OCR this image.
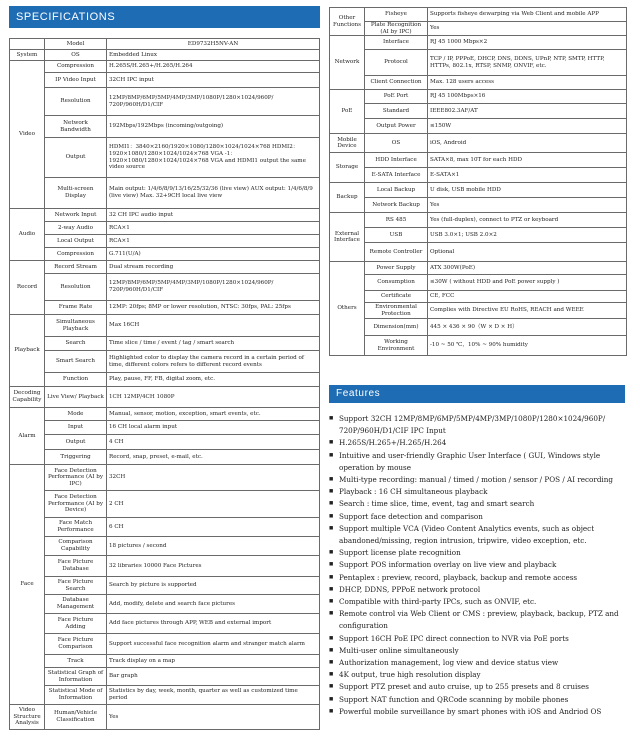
SPECIFICATIONS
	Model	ED9732H5NV-AN
System	OS	Embedded Linux
Video	Compression	H.265S/H.265+/H.265/H.264
	IP Video Input	32CH IPC input
	Resolution	12MP/8MP/6MP/5MP/4MP/3MP/1080P/1280×1024/960P/ 720P/960H/D1/CIF
	Network Bandwidth	192Mbps/192Mbps (incoming/outgoing)
	Output	HDMI1：3840×2160/1920×1080/1280×1024/1024×768 HDMI2：1920×1080/1280×1024/1024×768 VGA -1：1920×1080/1280×1024/1024×768 VGA and HDMI1 output the same video source
	Multi-screen Display	Main output: 1/4/6/8/9/13/16/25/32/36 (live view) AUX output: 1/4/6/8/9 (live view) Max. 32+9CH local live view
Audio	Network Input	32 CH IPC audio input
	2-way Audio	RCA×1
	Local Output	RCA×1
	Compression	G.711(U/A)
Record	Record Stream	Dual stream recording
	Resolution	12MP/8MP/6MP/5MP/4MP/3MP/1080P/1280×1024/960P/ 720P/960H/D1/CIF
	Frame Rate	12MP: 20fps; 8MP or lower resolution, NTSC: 30fps, PAL: 25fps
Playback	Simultaneous Playback	Max 16CH
	Search	Time slice / time / event / tag / smart search
	Smart Search	Highlighted color to display the camera record in a certain period of time, different colors refers to different record events
	Function	Play, pause, FF, FB, digital zoom, etc.
Decoding Capability	Live View/ Playback	1CH 12MP/4CH 1080P
Alarm	Mode	Manual, sensor, motion, exception, smart events, etc.
	Input	16 CH local alarm input
	Output	4 CH
	Triggering	Record, snap, preset, e-mail, etc.
Face	Face Detection Performance (AI by IPC)	32CH
	Face Detection Performance (AI by Device)	2 CH
	Face Match Performance	6 CH
	Comparison Capability	18 pictures / second
	Face Picture Database	32 libraries 10000 Face Pictures
	Face Picture Search	Search by picture is supported
	Database Management	Add, modify, delete and search face pictures
	Face Picture Adding	Add face pictures through APP, WEB and external import
	Face Picture Comparison	Support successful face recognition alarm and stranger match alarm
	Track	Track display on a map
	Statistical Graph of Information	Bar graph
	Statistical Mode of Information	Statistics by day, week, month, quarter as well as customized time period
Video Structure Analysis	Human/Vehicle Classification	Yes
Other Functions	Fisheye	Supports fisheye dewarping via Web Client and mobile APP
	Plate Recognition (AI by IPC)	Yes
Network	Interface	RJ 45 1000 Mbps×2
	Protocol	TCP / IP, PPPoE, DHCP, DNS, DDNS, UPnP, NTP, SMTP, HTTP, HTTPs, 802.1x, RTSP, SNMP, ONVIF, etc.
	Client Connection	Max. 128 users access
PoE	PoE Port	RJ 45 100Mbps×16
	Standard	IEEE802.3AF/AT
	Output Power	≤150W
Mobile Device	OS	iOS, Android
Storage	HDD Interface	SATA×8, max 10T for each HDD
	E-SATA Interface	E-SATA×1
Backup	Local Backup	U disk, USB mobile HDD
	Network Backup	Yes
External Interface	RS 485	Yes (full-duplex), connect to PTZ or keyboard
	USB	USB 3.0×1; USB 2.0×2
	Remote Controller	Optional
Others	Power Supply	ATX 300W(PoE)
	Consumption	≤30W ( without HDD and PoE power supply )
	Certificate	CE, FCC
	Environmental Protection	Complies with Directive EU RoHS, REACH and WEEE
	Dimension(mm)	445 × 436 × 90（W × D × H）
	Working Environment	-10 ~ 50 ℃，10% ~ 90% humidity
Features
■ Support 32CH 12MP/8MP/6MP/5MP/4MP/3MP/1080P/1280×1024/960P/
720P/960H/D1/CIF IPC Input
■ H.265S/H.265+/H.265/H.264
■ Intuitive and user-friendly Graphic User Interface ( GUI, Windows style
operation by mouse
■ Multi-type recording: manual / timed / motion / sensor / POS / AI recording
■ Playback : 16 CH simultaneous playback
■ Search : time slice, time, event, tag and smart search
■ Support face detection and comparison
■ Support multiple VCA (Video Content Analytics events, such as object
abandoned/missing, region intrusion, tripwire, video exception, etc.
■ Support license plate recognition
■ Support POS information overlay on live view and playback
■ Pentaplex : preview, record, playback, backup and remote access
■ DHCP, DDNS, PPPoE network protocol
■ Compatible with third-party IPCs, such as ONVIF, etc.
■ Remote control via Web Client or CMS : preview, playback, backup, PTZ and
configuration
■ Support 16CH PoE IPC direct connection to NVR via PoE ports
■ Multi-user online simultaneously
■ Authorization management, log view and device status view
■ 4K output, true high resolution display
■ Support PTZ preset and auto cruise, up to 255 presets and 8 cruises
■ Support NAT function and QRCode scanning by mobile phones
■ Powerful mobile surveillance by smart phones with iOS and Andriod OS
